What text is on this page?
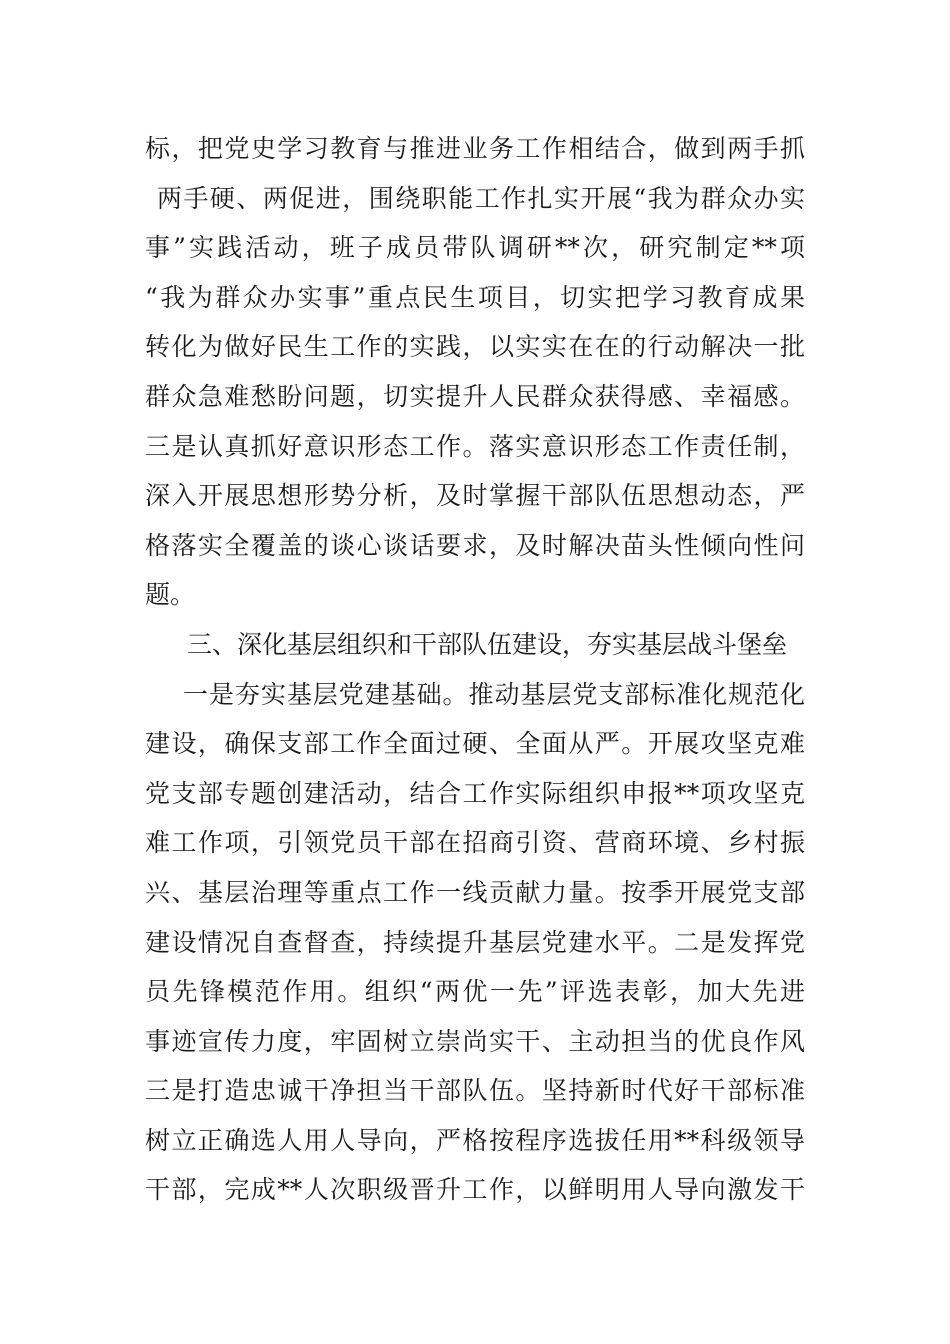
标，把党史学习教育与推进业务工作相结合，做到两手抓
两手硬、两促进，围绕职能工作扎实开展“我为群众办实
事”实践活动，班子成员带队调研**次，研究制定**项
“我为群众办实事”重点民生项目，切实把学习教育成果
转化为做好民生工作的实践，以实实在在的行动解决一批
群众急难愁盼问题，切实提升人民群众获得感、幸福感。
三是认真抓好意识形态工作。落实意识形态工作责任制，
深入开展思想形势分析，及时掌握干部队伍思想动态，严
格落实全覆盖的谈心谈话要求，及时解决苗头性倾向性问
题。
三、深化基层组织和干部队伍建设，夯实基层战斗堡垒
一是夯实基层党建基础。推动基层党支部标准化规范化
建设，确保支部工作全面过硬、全面从严。开展攻坚克难
党支部专题创建活动，结合工作实际组织申报**项攻坚克
难工作项，引领党员干部在招商引资、营商环境、乡村振
兴、基层治理等重点工作一线贡献力量。按季开展党支部
建设情况自查督查，持续提升基层党建水平。二是发挥党
员先锋模范作用。组织“两优一先”评选表彰，加大先进
事迹宣传力度，牢固树立崇尚实干、主动担当的优良作风
三是打造忠诚干净担当干部队伍。坚持新时代好干部标准
树立正确选人用人导向，严格按程序选拔任用**科级领导
干部，完成**人次职级晋升工作，以鲜明用人导向激发干
